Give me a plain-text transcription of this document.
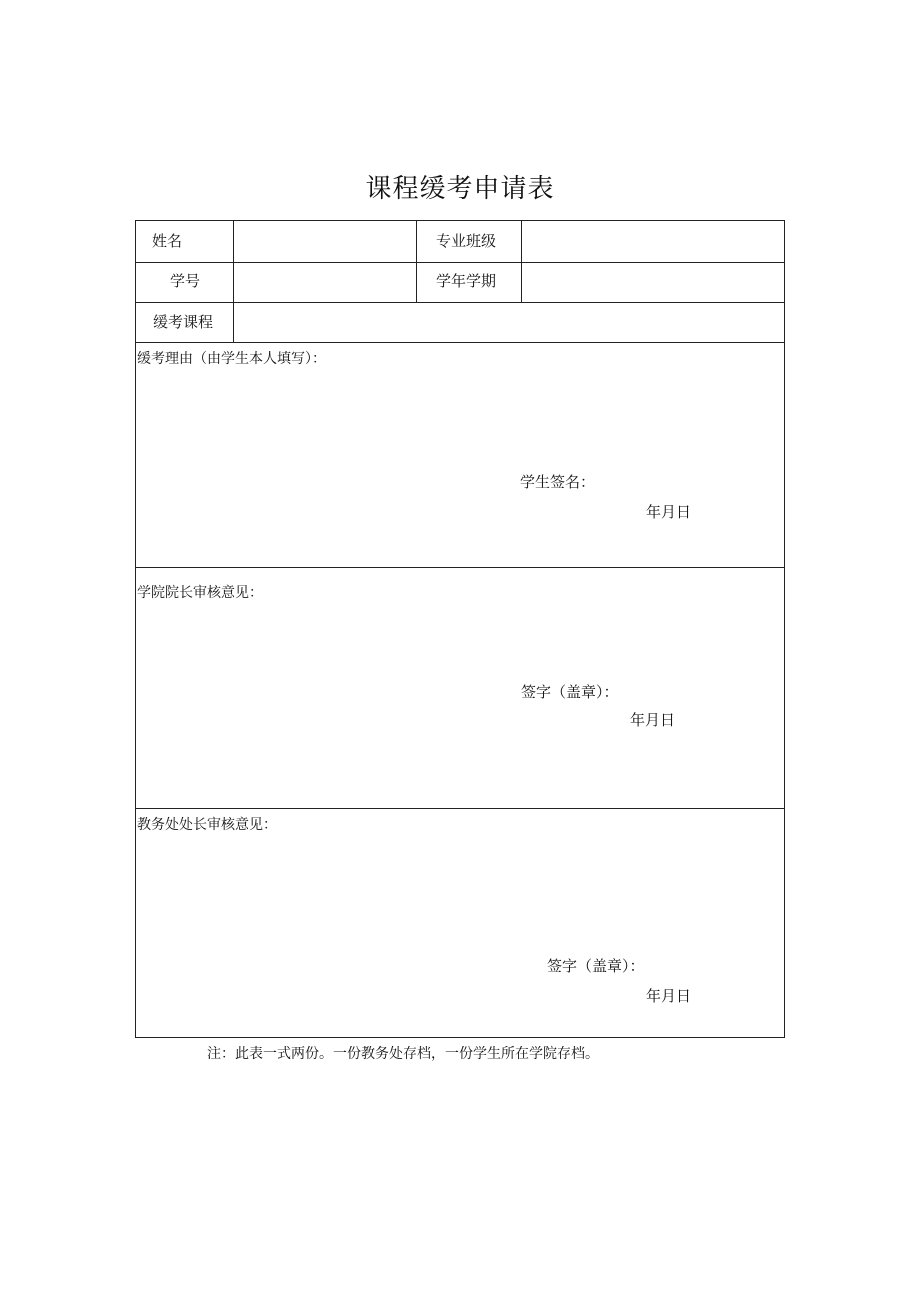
课程缓考申请表
姓名	专业班级
学号	学年学期
缓考课程
缓考理由（由学生本人填写）：
学生签名：
年月日
学院院长审核意见：
签字（盖章）：
年月日
教务处处长审核意见：
签字（盖章）：
年月日
注：此表一式两份。一份教务处存档，一份学生所在学院存档。
